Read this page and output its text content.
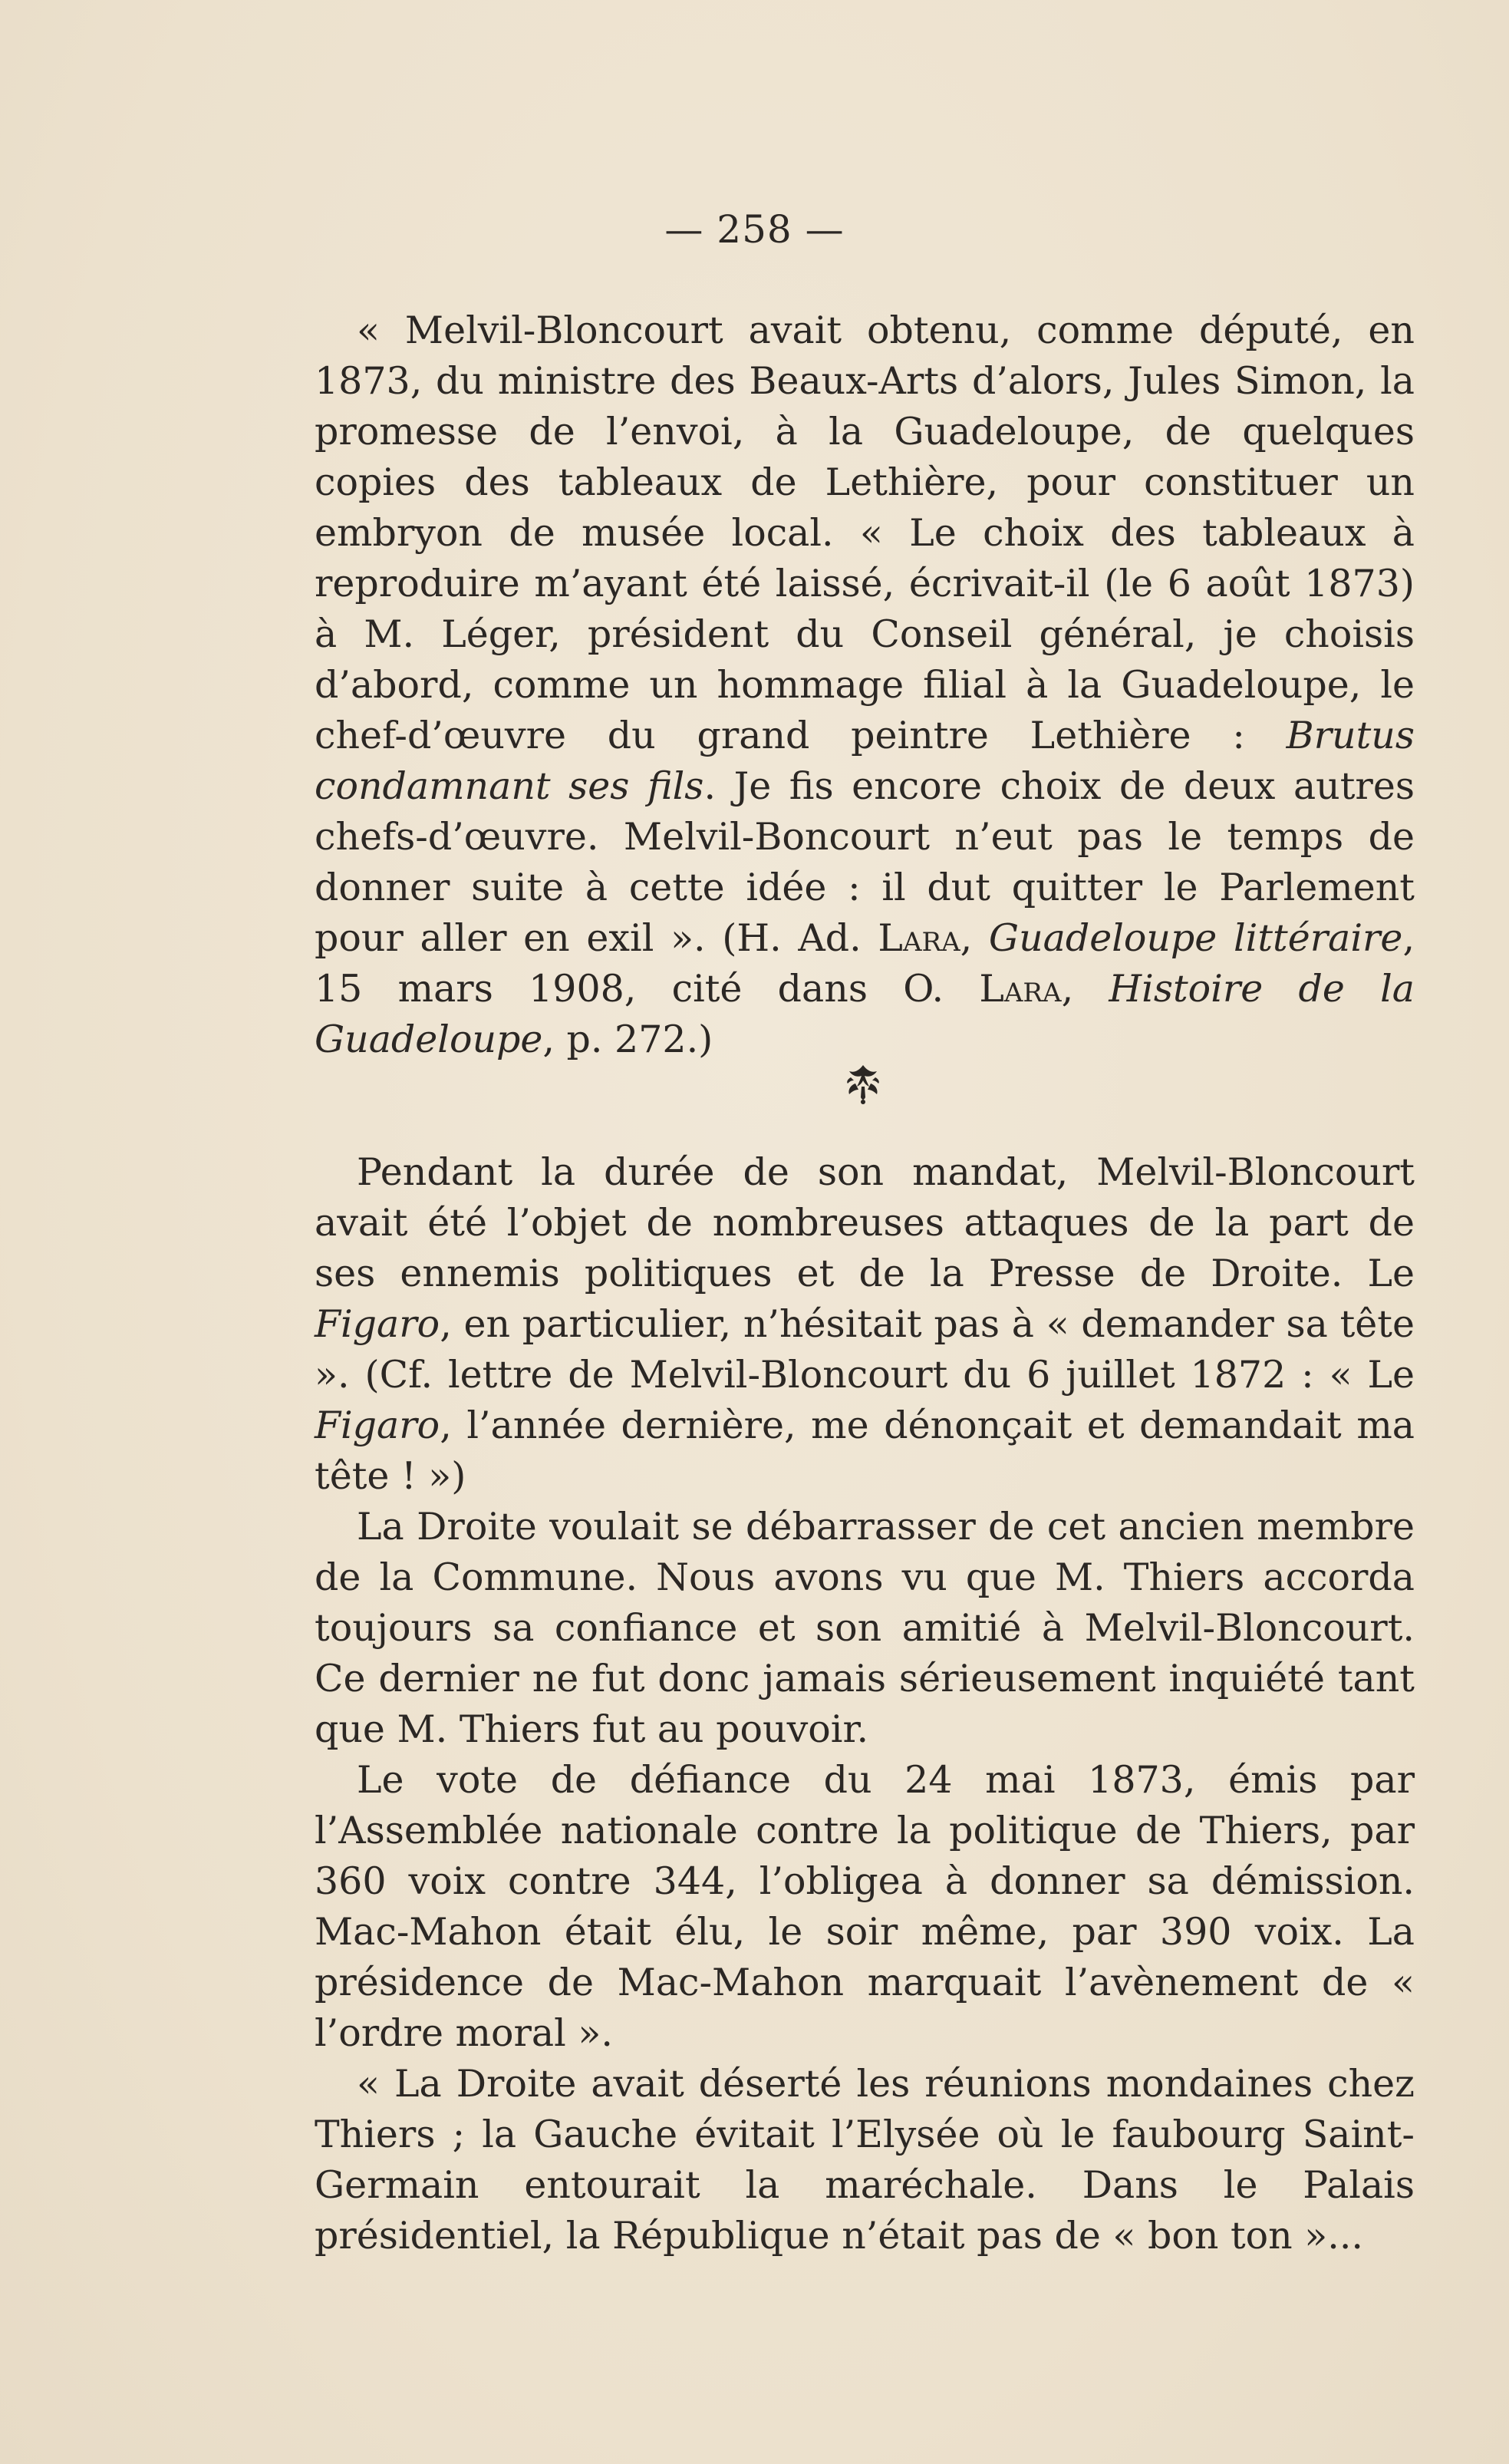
— 258 —

« Melvil-Bloncourt avait obtenu, comme député, en 1873, du ministre des Beaux-Arts d’alors, Jules Simon, la promesse de l’envoi, à la Guadeloupe, de quelques copies des tableaux de Lethière, pour constituer un embryon de musée local. « Le choix des tableaux à reproduire m’ayant été laissé, écrivait-il (le 6 août 1873) à M. Léger, président du Conseil général, je choisis d’abord, comme un hommage filial à la Guadeloupe, le chef-d’œuvre du grand peintre Lethière : Brutus condamnant ses fils. Je fis encore choix de deux autres chefs-d’œuvre. Melvil-Boncourt n’eut pas le temps de donner suite à cette idée : il dut quitter le Parlement pour aller en exil ». (H. Ad. Lara, Guadeloupe littéraire, 15 mars 1908, cité dans O. Lara, Histoire de la Guadeloupe, p. 272.)

Pendant la durée de son mandat, Melvil-Bloncourt avait été l’objet de nombreuses attaques de la part de ses ennemis politiques et de la Presse de Droite. Le Figaro, en particulier, n’hésitait pas à « demander sa tête ». (Cf. lettre de Melvil-Bloncourt du 6 juillet 1872 : « Le Figaro, l’année dernière, me dénonçait et demandait ma tête ! »)

La Droite voulait se débarrasser de cet ancien membre de la Commune. Nous avons vu que M. Thiers accorda toujours sa confiance et son amitié à Melvil-Bloncourt. Ce dernier ne fut donc jamais sérieusement inquiété tant que M. Thiers fut au pouvoir.

Le vote de défiance du 24 mai 1873, émis par l’Assemblée nationale contre la politique de Thiers, par 360 voix contre 344, l’obligea à donner sa démission. Mac-Mahon était élu, le soir même, par 390 voix. La présidence de Mac-Mahon marquait l’avènement de « l’ordre moral ».

« La Droite avait déserté les réunions mondaines chez Thiers ; la Gauche évitait l’Elysée où le faubourg Saint-Germain entourait la maréchale. Dans le Palais présidentiel, la République n’était pas de « bon ton »...
